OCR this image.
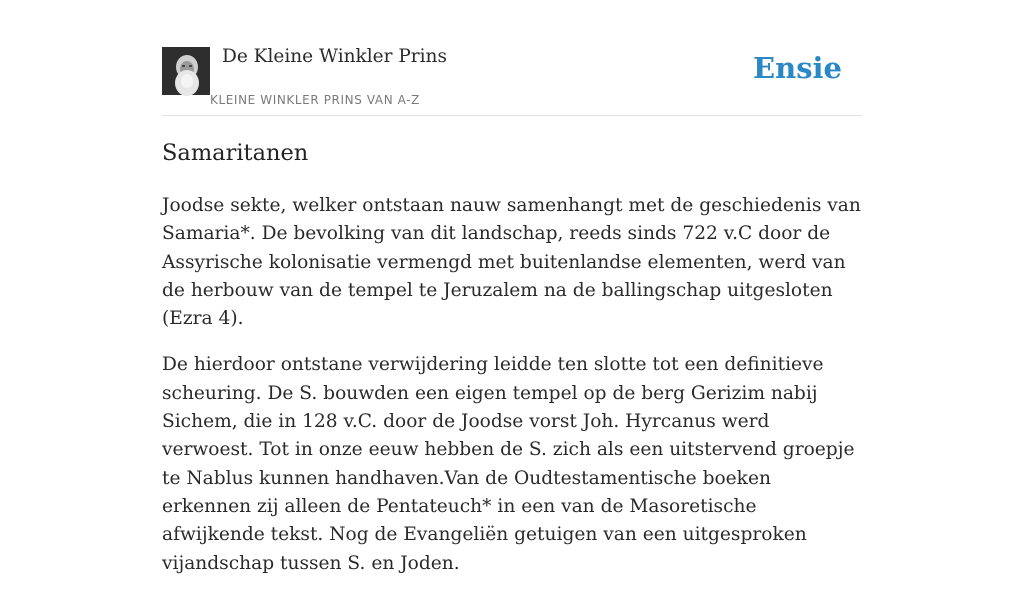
De Kleine Winkler Prins
KLEINE WINKLER PRINS VAN A-Z
Ensie
Samaritanen

Joodse sekte, welker ontstaan nauw samenhangt met de geschiedenis van Samaria*. De bevolking van dit landschap, reeds sinds 722 v.C door de Assyrische kolonisatie vermengd met buitenlandse elementen, werd van de herbouw van de tempel te Jeruzalem na de ballingschap uitgesloten (Ezra 4).

De hierdoor ontstane verwijdering leidde ten slotte tot een definitieve scheuring. De S. bouwden een eigen tempel op de berg Gerizim nabij Sichem, die in 128 v.C. door de Joodse vorst Joh. Hyrcanus werd verwoest. Tot in onze eeuw hebben de S. zich als een uitstervend groepje te Nablus kunnen handhaven.Van de Oudtestamentische boeken erkennen zij alleen de Pentateuch* in een van de Masoretische afwijkende tekst. Nog de Evangeliën getuigen van een uitgesproken vijandschap tussen S. en Joden.
